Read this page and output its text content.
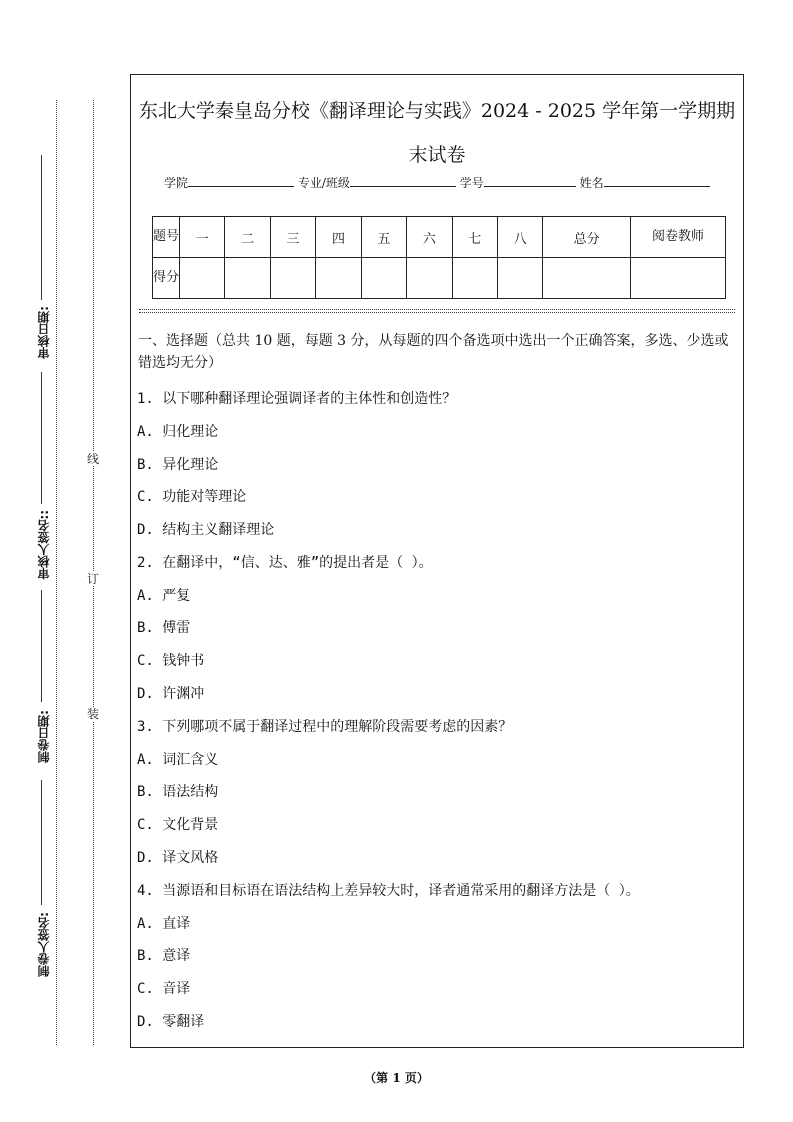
线
订
装
审核日期:
审核人签名::
制卷日期:
制卷人签名:
东北大学秦皇岛分校《翻译理论与实践》2024 - 2025 学年第一学期期末试卷
学院	专业/班级	学号	姓名
题号	一	二	三	四	五	六	七	八	总分	阅卷教师
得分										
一、选择题（总共 10 题，每题 3 分，从每题的四个备选项中选出一个正确答案，多选、少选或错选均无分）
1. 以下哪种翻译理论强调译者的主体性和创造性？
A. 归化理论
B. 异化理论
C. 功能对等理论
D. 结构主义翻译理论
2. 在翻译中，“信、达、雅”的提出者是（ ）。
A. 严复
B. 傅雷
C. 钱钟书
D. 许渊冲
3. 下列哪项不属于翻译过程中的理解阶段需要考虑的因素？
A. 词汇含义
B. 语法结构
C. 文化背景
D. 译文风格
4. 当源语和目标语在语法结构上差异较大时，译者通常采用的翻译方法是（ ）。
A. 直译
B. 意译
C. 音译
D. 零翻译
（第 1 页）
